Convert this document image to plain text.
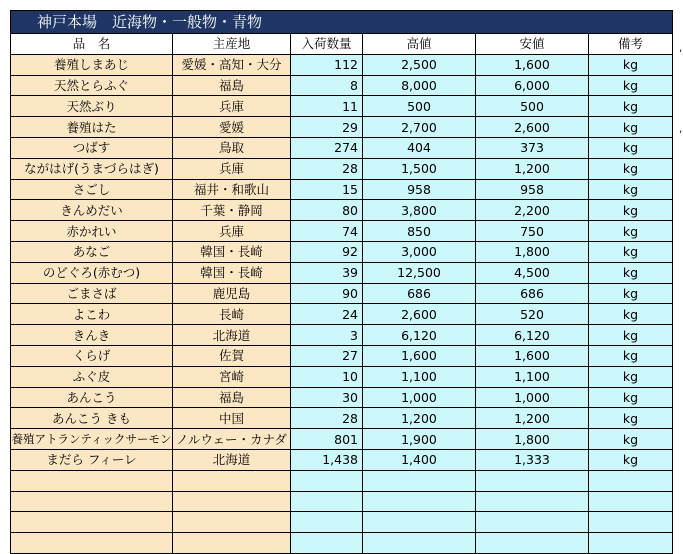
神戸本場　近海物・一般物・青物					
品　名	主産地	入荷数量	高値	安値	備考
養殖しまあじ	愛媛・高知・大分	112	2,500	1,600	kg
天然とらふぐ	福島	8	8,000	6,000	kg
天然ぶり	兵庫	11	500	500	kg
養殖はた	愛媛	29	2,700	2,600	kg
つばす	鳥取	274	404	373	kg
ながはげ(うまづらはぎ)	兵庫	28	1,500	1,200	kg
さごし	福井・和歌山	15	958	958	kg
きんめだい	千葉・静岡	80	3,800	2,200	kg
赤かれい	兵庫	74	850	750	kg
あなご	韓国・長崎	92	3,000	1,800	kg
のどぐろ(赤むつ)	韓国・長崎	39	12,500	4,500	kg
ごまさば	鹿児島	90	686	686	kg
よこわ	長崎	24	2,600	520	kg
きんき	北海道	3	6,120	6,120	kg
くらげ	佐賀	27	1,600	1,600	kg
ふぐ皮	宮崎	10	1,100	1,100	kg
あんこう	福島	30	1,000	1,000	kg
あんこう きも	中国	28	1,200	1,200	kg
養殖アトランティックサーモン	ノルウェー・カナダ	801	1,900	1,800	kg
まだら フィーレ	北海道	1,438	1,400	1,333	kg

,
,
